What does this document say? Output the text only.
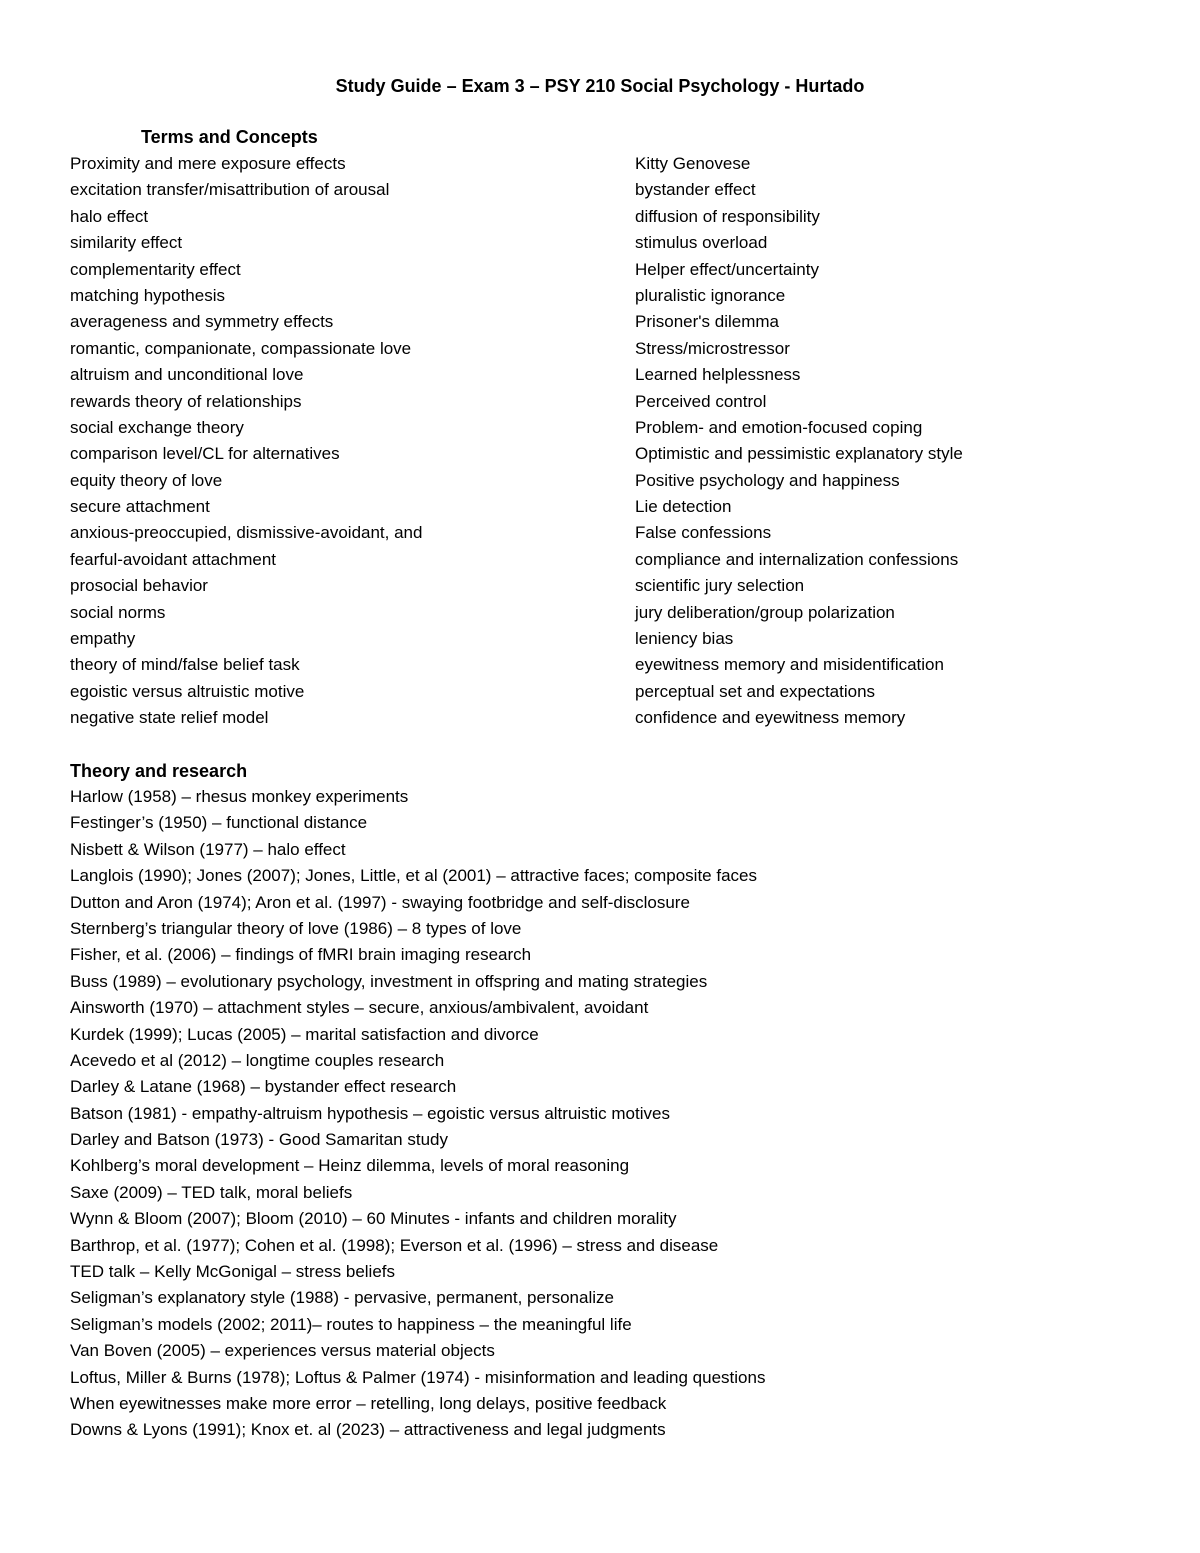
Study Guide – Exam 3 – PSY 210 Social Psychology - Hurtado
Terms and Concepts
Proximity and mere exposure effects
excitation transfer/misattribution of arousal
halo effect
similarity effect
complementarity effect
matching hypothesis
averageness and symmetry effects
romantic, companionate, compassionate love
altruism and unconditional love
rewards theory of relationships
social exchange theory
comparison level/CL for alternatives
equity theory of love
secure attachment
anxious-preoccupied, dismissive-avoidant, and
fearful-avoidant attachment
prosocial behavior
social norms
empathy
theory of mind/false belief task
egoistic versus altruistic motive
negative state relief model
Kitty Genovese
bystander effect
diffusion of responsibility
stimulus overload
Helper effect/uncertainty
pluralistic ignorance
Prisoner's dilemma
Stress/microstressor
Learned helplessness
Perceived control
Problem- and emotion-focused coping
Optimistic and pessimistic explanatory style
Positive psychology and happiness
Lie detection
False confessions
compliance and internalization confessions
scientific jury selection
jury deliberation/group polarization
leniency bias
eyewitness memory and misidentification
perceptual set and expectations
confidence and eyewitness memory
Theory and research
Harlow (1958) – rhesus monkey experiments
Festinger’s (1950) – functional distance
Nisbett & Wilson (1977) – halo effect
Langlois (1990); Jones (2007); Jones, Little, et al (2001) – attractive faces; composite faces
Dutton and Aron (1974); Aron et al. (1997) - swaying footbridge and self-disclosure
Sternberg’s triangular theory of love (1986) – 8 types of love
Fisher, et al. (2006) – findings of fMRI brain imaging research
Buss (1989) – evolutionary psychology, investment in offspring and mating strategies
Ainsworth (1970) – attachment styles – secure, anxious/ambivalent, avoidant
Kurdek (1999); Lucas (2005) – marital satisfaction and divorce
Acevedo et al (2012) – longtime couples research
Darley & Latane (1968) – bystander effect research
Batson (1981) - empathy-altruism hypothesis – egoistic versus altruistic motives
Darley and Batson (1973) - Good Samaritan study
Kohlberg’s moral development – Heinz dilemma, levels of moral reasoning
Saxe (2009) – TED talk, moral beliefs
Wynn & Bloom (2007); Bloom (2010) – 60 Minutes - infants and children morality
Barthrop, et al. (1977); Cohen et al. (1998); Everson et al. (1996) – stress and disease
TED talk – Kelly McGonigal – stress beliefs
Seligman’s explanatory style (1988) - pervasive, permanent, personalize
Seligman’s models (2002; 2011)– routes to happiness – the meaningful life
Van Boven (2005) – experiences versus material objects
Loftus, Miller & Burns (1978); Loftus & Palmer (1974) - misinformation and leading questions
When eyewitnesses make more error – retelling, long delays, positive feedback
Downs & Lyons (1991); Knox et. al (2023) – attractiveness and legal judgments
